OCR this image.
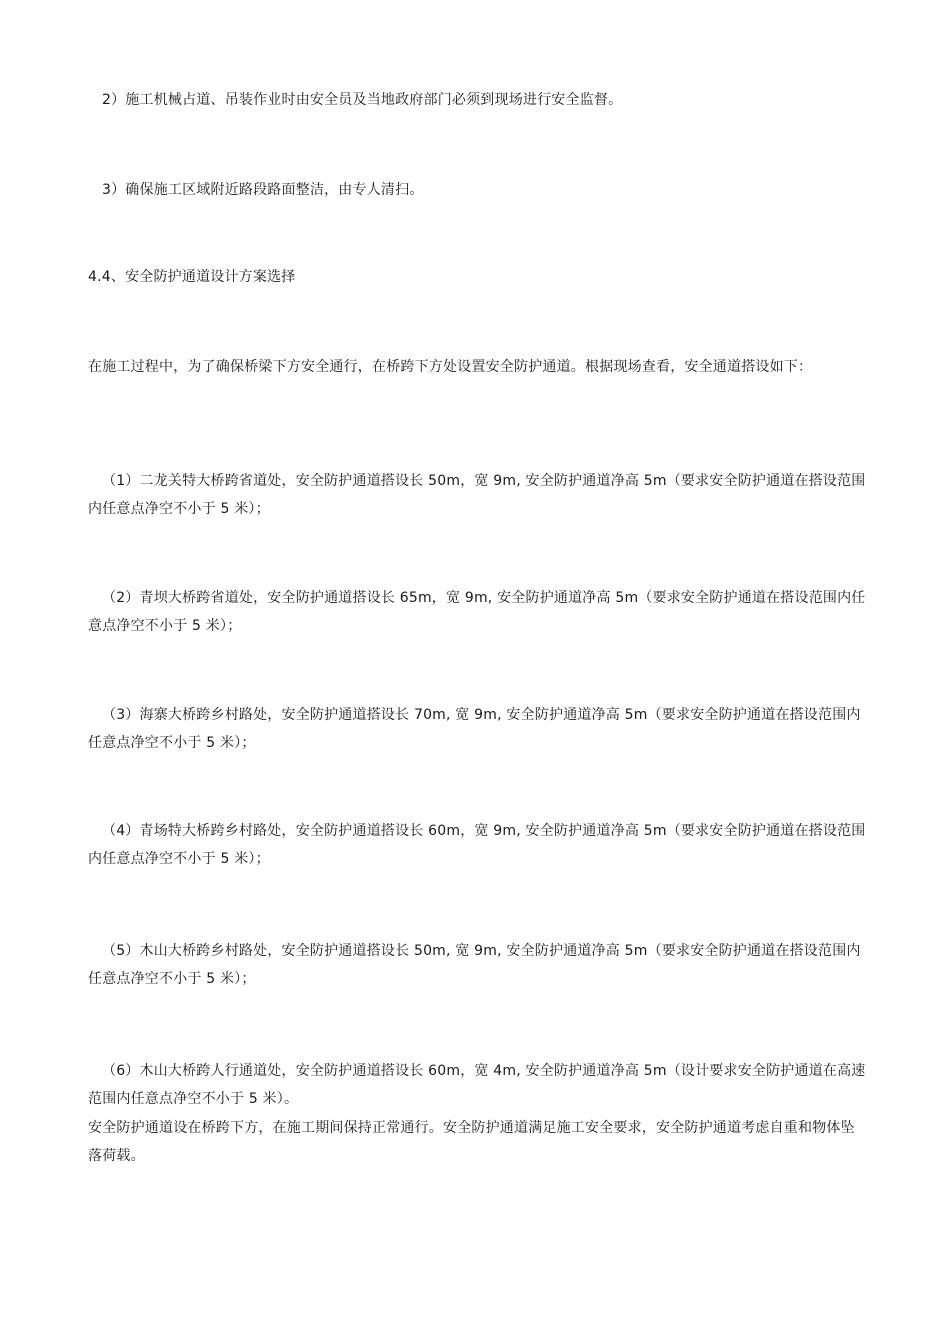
2）施工机械占道、吊装作业时由安全员及当地政府部门必须到现场进行安全监督。

3）确保施工区域附近路段路面整洁，由专人清扫。

4.4、安全防护通道设计方案选择

在施工过程中，为了确保桥梁下方安全通行，在桥跨下方处设置安全防护通道。根据现场查看，安全通道搭设如下：

（1）二龙关特大桥跨省道处，安全防护通道搭设长 50m，宽 9m, 安全防护通道净高 5m（要求安全防护通道在搭设范围内任意点净空不小于 5 米）；

（2）青坝大桥跨省道处，安全防护通道搭设长 65m，宽 9m, 安全防护通道净高 5m（要求安全防护通道在搭设范围内任意点净空不小于 5 米）；

（3）海寨大桥跨乡村路处，安全防护通道搭设长 70m, 宽 9m, 安全防护通道净高 5m（要求安全防护通道在搭设范围内任意点净空不小于 5 米）；

（4）青场特大桥跨乡村路处，安全防护通道搭设长 60m，宽 9m, 安全防护通道净高 5m（要求安全防护通道在搭设范围内任意点净空不小于 5 米）；

（5）木山大桥跨乡村路处，安全防护通道搭设长 50m, 宽 9m, 安全防护通道净高 5m（要求安全防护通道在搭设范围内任意点净空不小于 5 米）；

（6）木山大桥跨人行通道处，安全防护通道搭设长 60m，宽 4m, 安全防护通道净高 5m（设计要求安全防护通道在高速范围内任意点净空不小于 5 米）。

安全防护通道设在桥跨下方，在施工期间保持正常通行。安全防护通道满足施工安全要求，安全防护通道考虑自重和物体坠落荷载。
